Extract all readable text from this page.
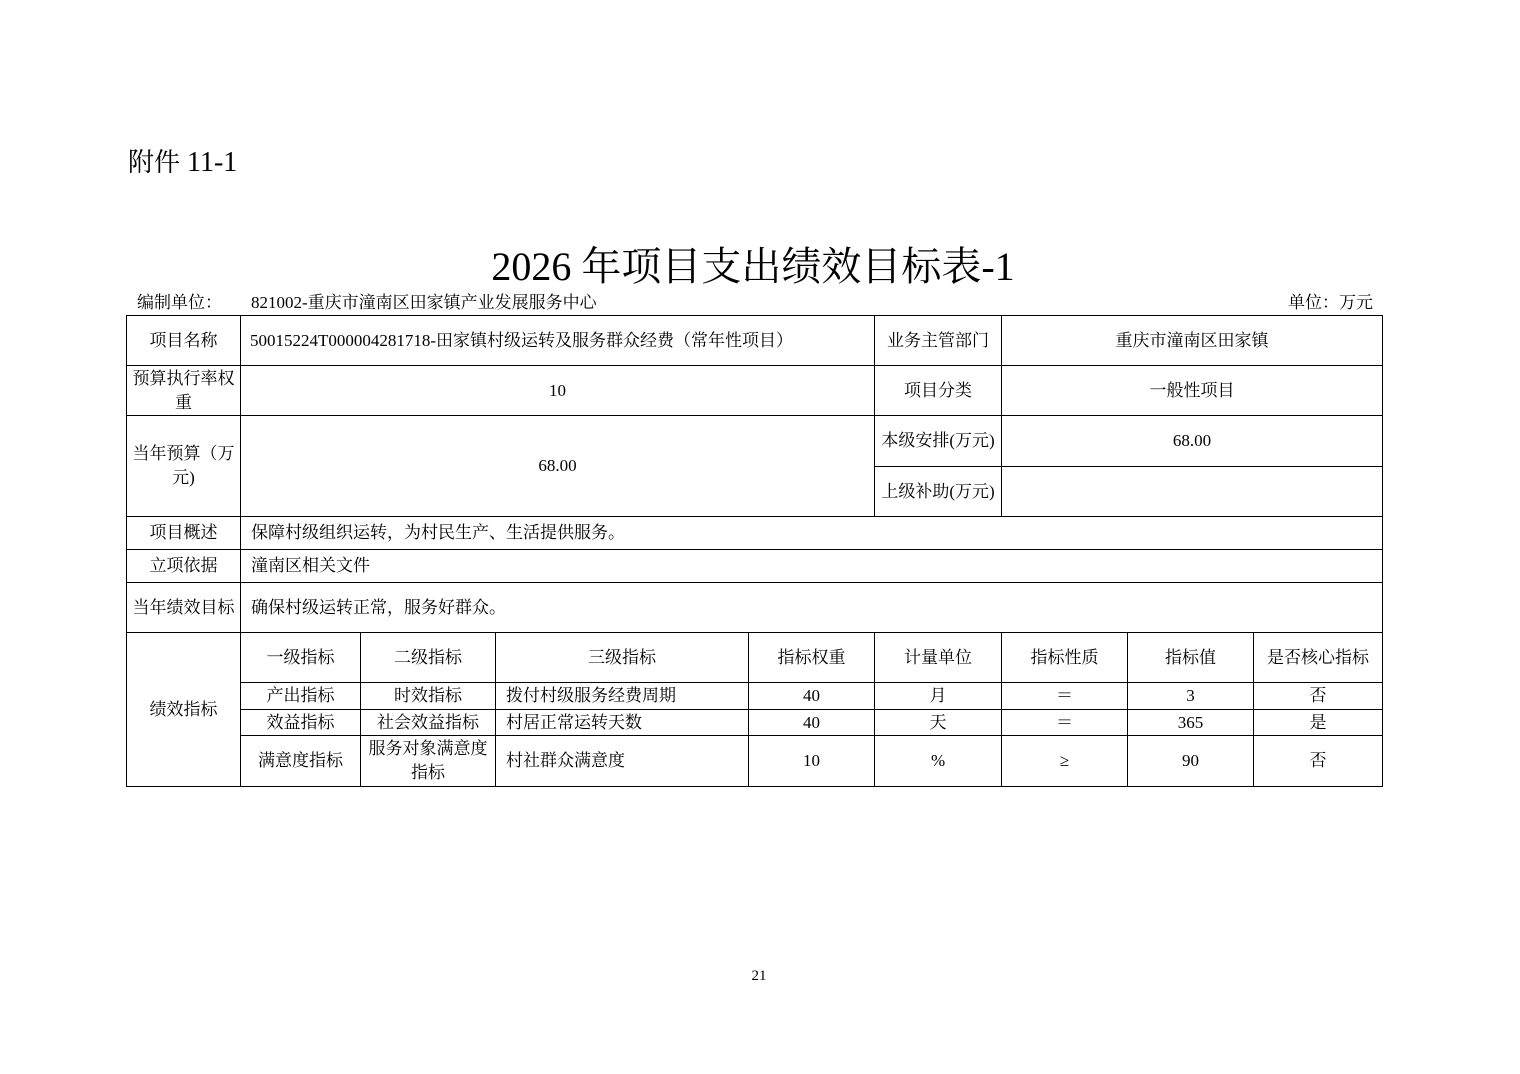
附件 11-1
2026 年项目支出绩效目标表-1
编制单位： 821002-重庆市潼南区田家镇产业发展服务中心	单位：万元
项目名称	50015224T000004281718-田家镇村级运转及服务群众经费（常年性项目）				业务主管部门	重庆市潼南区田家镇		
预算执行率权重	10				项目分类	一般性项目		
当年预算（万元)	68.00				本级安排(万元)	68.00		
					上级补助(万元)			
项目概述	保障村级组织运转，为村民生产、生活提供服务。							
立项依据	潼南区相关文件							
当年绩效目标	确保村级运转正常，服务好群众。							
绩效指标	一级指标	二级指标	三级指标	指标权重	计量单位	指标性质	指标值	是否核心指标
	产出指标	时效指标	拨付村级服务经费周期	40	月	＝	3	否
	效益指标	社会效益指标	村居正常运转天数	40	天	＝	365	是
	满意度指标	服务对象满意度指标	村社群众满意度	10	%	≥	90	否
21
